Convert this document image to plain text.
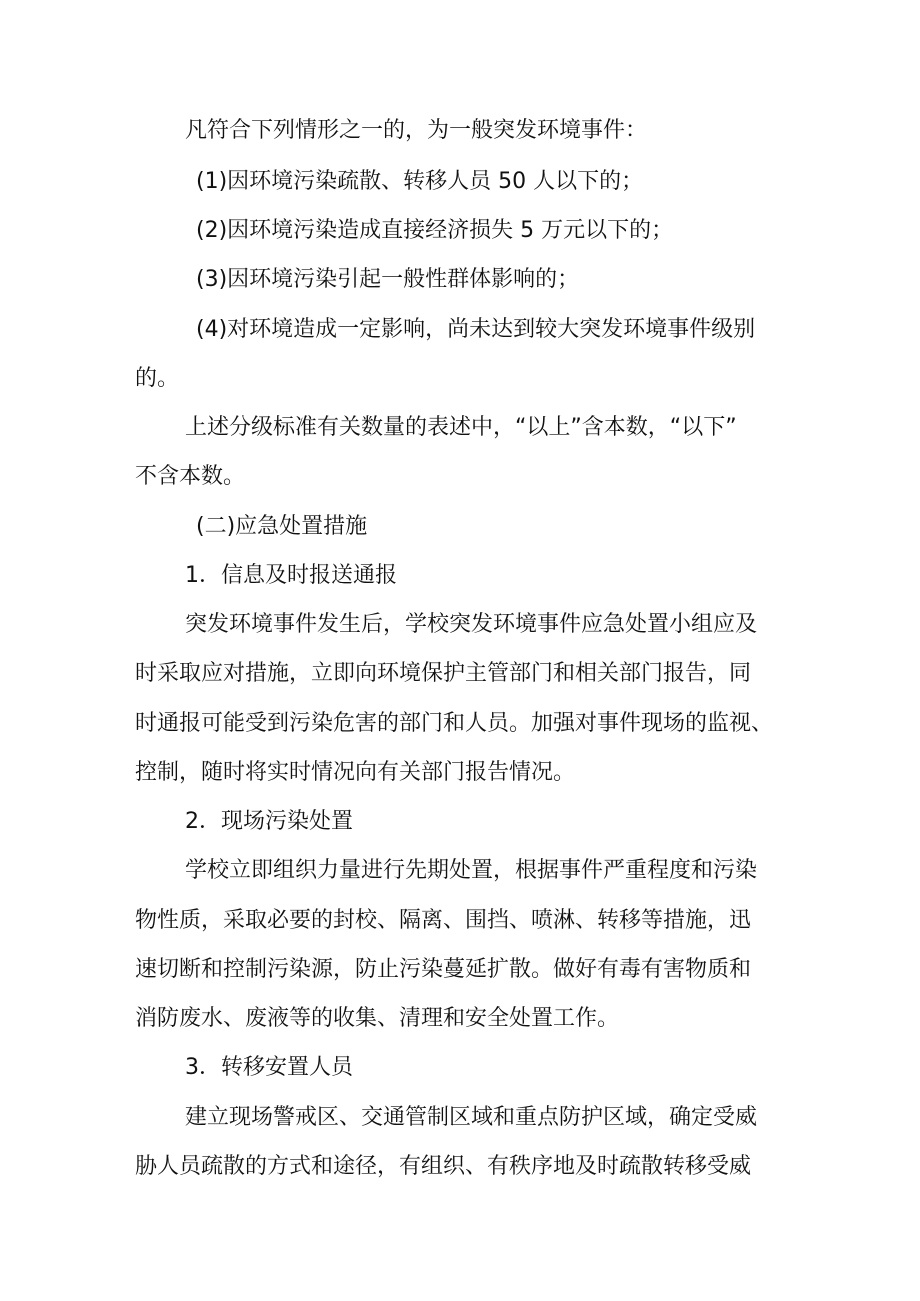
凡符合下列情形之一的，为一般突发环境事件：
(1)因环境污染疏散、转移人员 50 人以下的；
(2)因环境污染造成直接经济损失 5 万元以下的；
(3)因环境污染引起一般性群体影响的；
(4)对环境造成一定影响，尚未达到较大突发环境事件级别
的。
上述分级标准有关数量的表述中，“以上”含本数，“以下”
不含本数。
(二)应急处置措施
1．信息及时报送通报
突发环境事件发生后，学校突发环境事件应急处置小组应及
时采取应对措施，立即向环境保护主管部门和相关部门报告，同
时通报可能受到污染危害的部门和人员。加强对事件现场的监视、
控制，随时将实时情况向有关部门报告情况。
2．现场污染处置
学校立即组织力量进行先期处置，根据事件严重程度和污染
物性质，采取必要的封校、隔离、围挡、喷淋、转移等措施，迅
速切断和控制污染源，防止污染蔓延扩散。做好有毒有害物质和
消防废水、废液等的收集、清理和安全处置工作。
3．转移安置人员
建立现场警戒区、交通管制区域和重点防护区域，确定受威
胁人员疏散的方式和途径，有组织、有秩序地及时疏散转移受威
